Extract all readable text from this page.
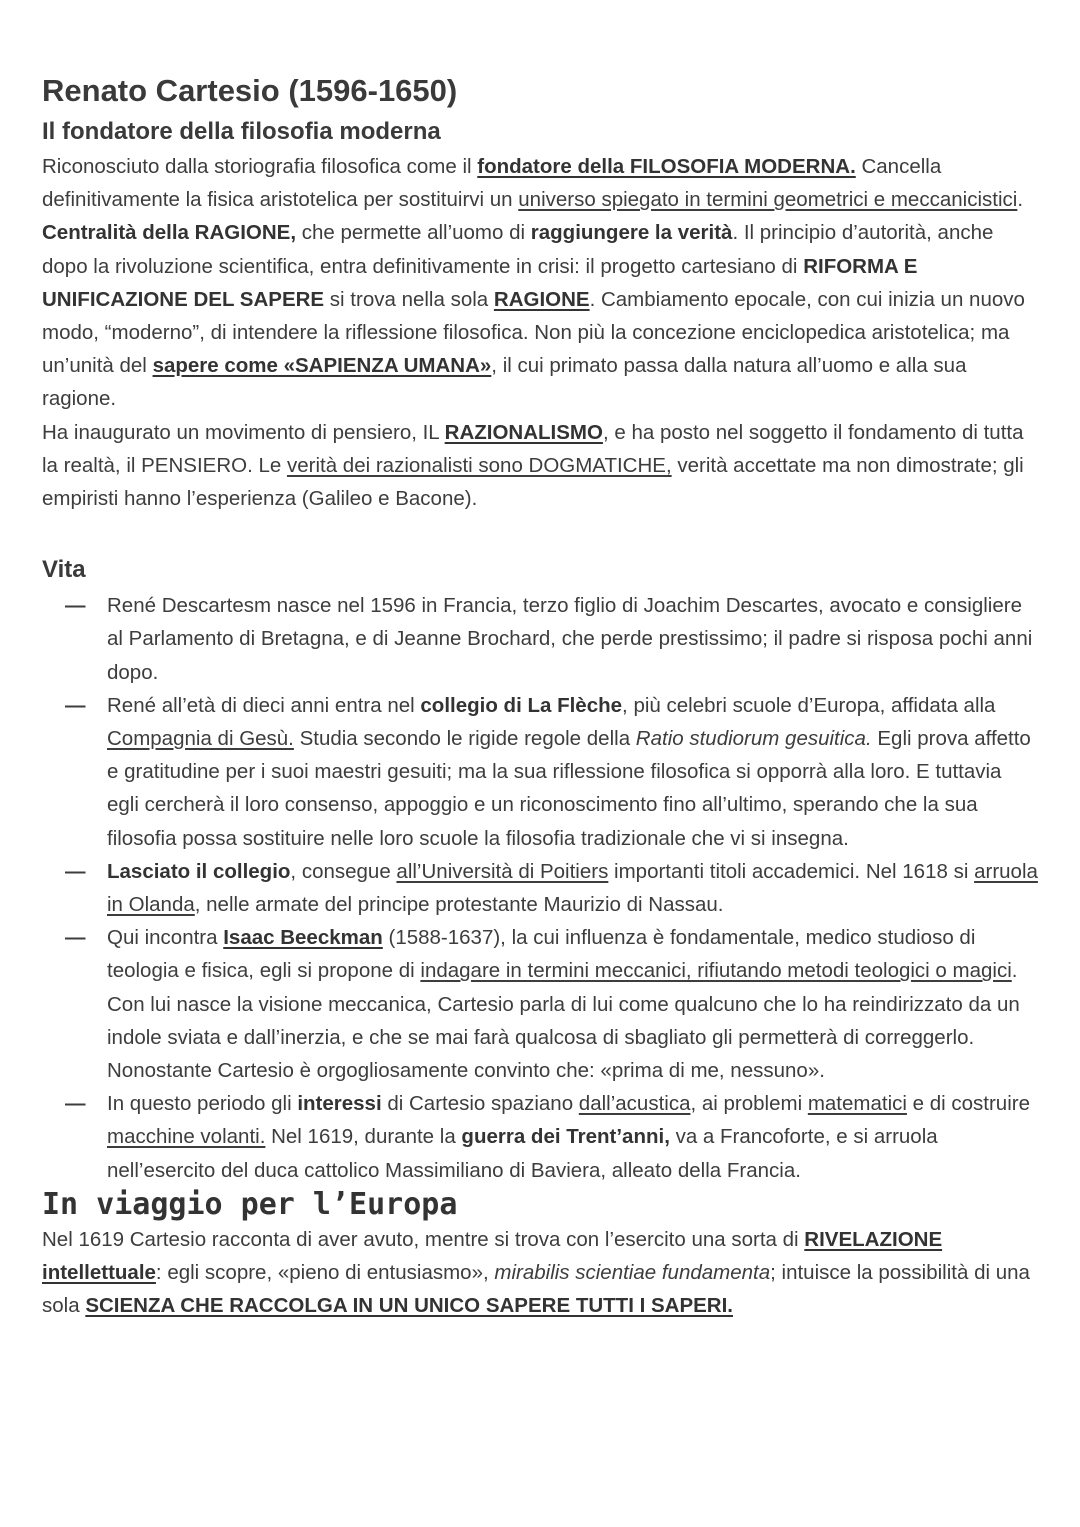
Renato Cartesio (1596-1650)
Il fondatore della filosofia moderna

Riconosciuto dalla storiografia filosofica come il fondatore della FILOSOFIA MODERNA. Cancella definitivamente la fisica aristotelica per sostituirvi un universo spiegato in termini geometrici e meccanicistici. Centralità della RAGIONE, che permette all’uomo di raggiungere la verità. Il principio d’autorità, anche dopo la rivoluzione scientifica, entra definitivamente in crisi: il progetto cartesiano di RIFORMA E UNIFICAZIONE DEL SAPERE si trova nella sola RAGIONE. Cambiamento epocale, con cui inizia un nuovo modo, “moderno”, di intendere la riflessione filosofica. Non più la concezione enciclopedica aristotelica; ma un’unità del sapere come «SAPIENZA UMANA», il cui primato passa dalla natura all’uomo e alla sua ragione.
Ha inaugurato un movimento di pensiero, IL RAZIONALISMO, e ha posto nel soggetto il fondamento di tutta la realtà, il PENSIERO. Le verità dei razionalisti sono DOGMATICHE, verità accettate ma non dimostrate; gli empiristi hanno l’esperienza (Galileo e Bacone).

Vita
— René Descartesm nasce nel 1596 in Francia, terzo figlio di Joachim Descartes, avocato e consigliere al Parlamento di Bretagna, e di Jeanne Brochard, che perde prestissimo; il padre si risposa pochi anni dopo.
— René all’età di dieci anni entra nel collegio di La Flèche, più celebri scuole d’Europa, affidata alla Compagnia di Gesù. Studia secondo le rigide regole della Ratio studiorum gesuitica. Egli prova affetto e gratitudine per i suoi maestri gesuiti; ma la sua riflessione filosofica si opporrà alla loro. E tuttavia egli cercherà il loro consenso, appoggio e un riconoscimento fino all’ultimo, sperando che la sua filosofia possa sostituire nelle loro scuole la filosofia tradizionale che vi si insegna.
— Lasciato il collegio, consegue all’Università di Poitiers importanti titoli accademici. Nel 1618 si arruola in Olanda, nelle armate del principe protestante Maurizio di Nassau.
— Qui incontra Isaac Beeckman (1588-1637), la cui influenza è fondamentale, medico studioso di teologia e fisica, egli si propone di indagare in termini meccanici, rifiutando metodi teologici o magici. Con lui nasce la visione meccanica, Cartesio parla di lui come qualcuno che lo ha reindirizzato da un indole sviata e dall’inerzia, e che se mai farà qualcosa di sbagliato gli permetterà di correggerlo. Nonostante Cartesio è orgogliosamente convinto che: «prima di me, nessuno».
— In questo periodo gli interessi di Cartesio spaziano dall’acustica, ai problemi matematici e di costruire macchine volanti. Nel 1619, durante la guerra dei Trent’anni, va a Francoforte, e si arruola nell’esercito del duca cattolico Massimiliano di Baviera, alleato della Francia.
In viaggio per l’Europa

Nel 1619 Cartesio racconta di aver avuto, mentre si trova con l’esercito una sorta di RIVELAZIONE intellettuale: egli scopre, «pieno di entusiasmo», mirabilis scientiae fundamenta; intuisce la possibilità di una sola SCIENZA CHE RACCOLGA IN UN UNICO SAPERE TUTTI I SAPERI.
